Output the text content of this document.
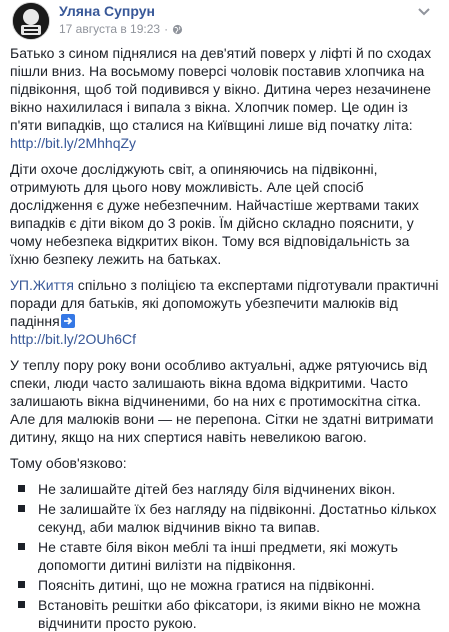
Уляна Супрун
17 августа в 19:23 ·

Батько з сином піднялися на дев'ятий поверх у ліфті й по сходах пішли вниз. На восьмому поверсі чоловік поставив хлопчика на підвіконня, щоб той подивився у вікно. Дитина через незачинене вікно нахилилася і випала з вікна. Хлопчик помер. Це один із п'яти випадків, що сталися на Київщині лише від початку літа: http://bit.ly/2MhhqZy

Діти охоче досліджують світ, а опиняючись на підвіконні, отримують для цього нову можливість. Але цей спосіб дослідження є дуже небезпечним. Найчастіше жертвами таких випадків є діти віком до 3 років. Їм дійсно складно пояснити, у чому небезпека відкритих вікон. Тому вся відповідальність за їхню безпеку лежить на батьках.

УП.Життя спільно з поліцією та експертами підготували практичні поради для батьків, які допоможуть убезпечити малюків від падіння

http://bit.ly/2OUh6Cf

У теплу пору року вони особливо актуальні, адже рятуючись від спеки, люди часто залишають вікна вдома відкритими. Часто залишають вікна відчиненими, бо на них є протимоскітна сітка. Але для малюків вони — не перепона. Сітки не здатні витримати дитину, якщо на них спертися навіть невеликою вагою.

Тому обов'язково:

Не залишайте дітей без нагляду біля відчинених вікон.
Не залишайте їх без нагляду на підвіконні. Достатньо кількох секунд, аби малюк відчинив вікно та випав.
Не ставте біля вікон меблі та інші предмети, які можуть допомогти дитині вилізти на підвіконня.
Поясніть дитині, що не можна гратися на підвіконні.
Встановіть решітки або фіксатори, із якими вікно не можна відчинити просто рукою.
